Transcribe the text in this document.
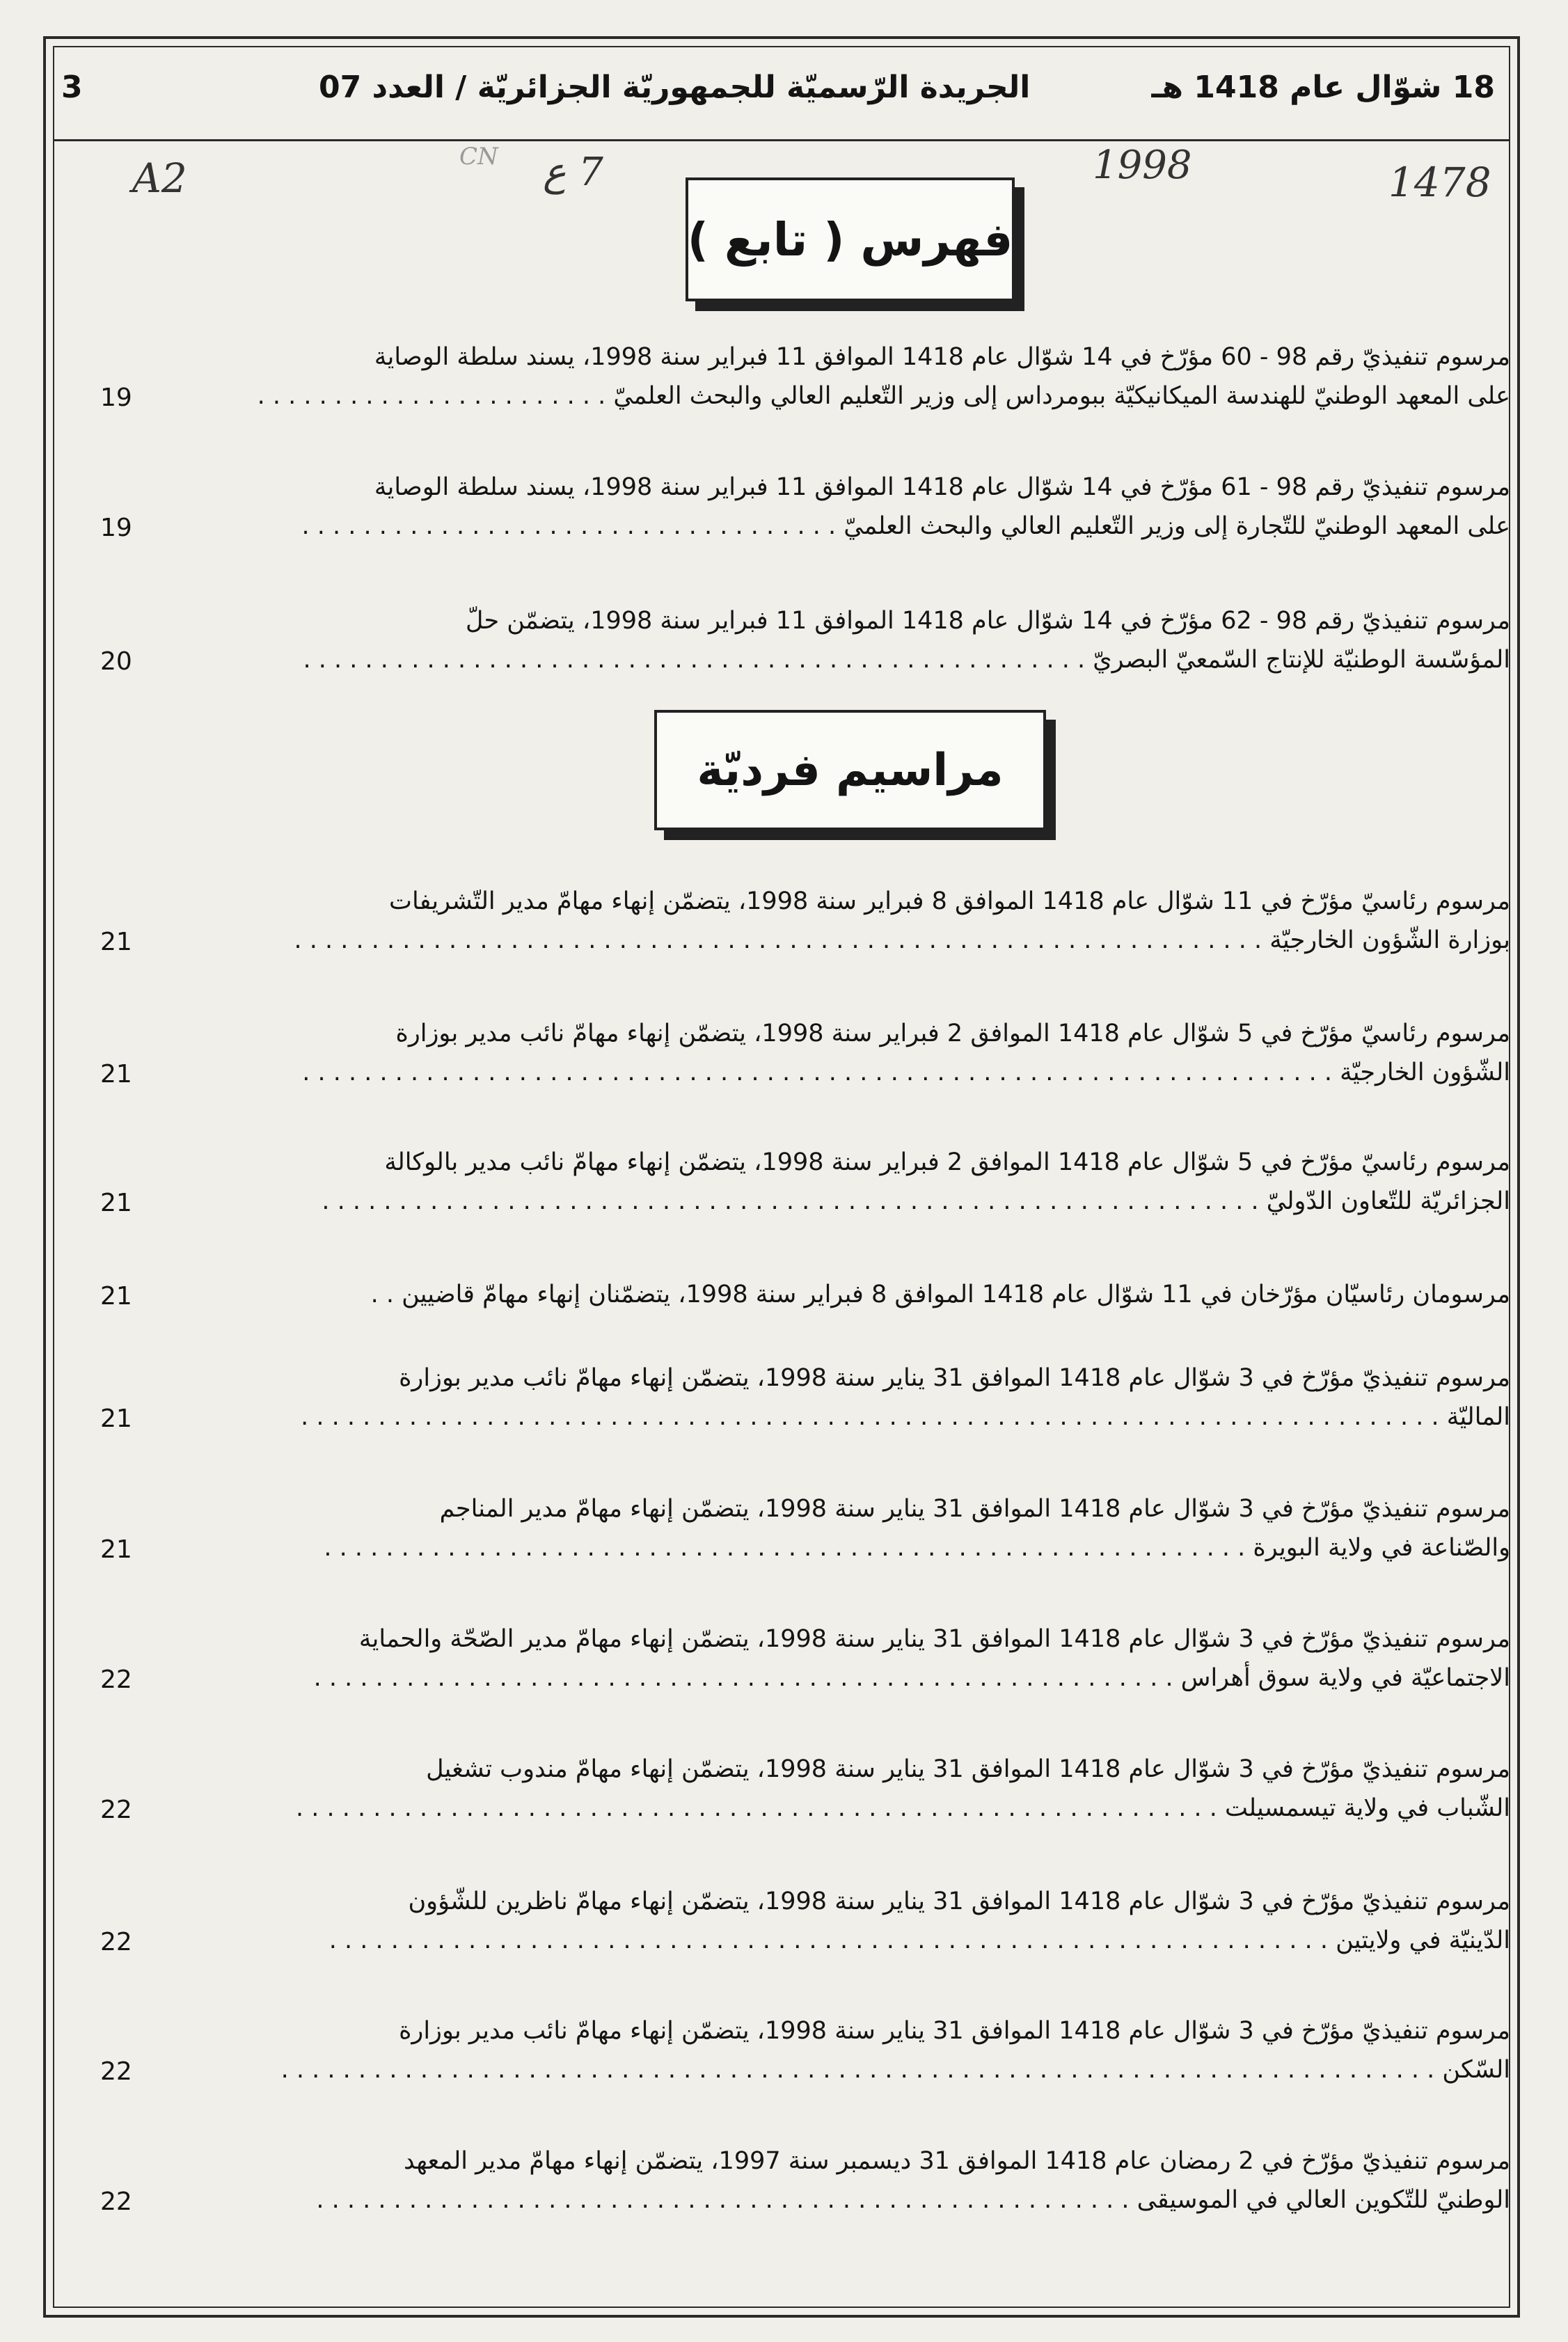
18 شوّال عام 1418 هـ
الجريدة الرّسميّة للجمهوريّة الجزائريّة / العدد 07
3
A2	CN 7 ع	1998	1478
فهرس ( تابع )
مرسوم تنفيذيّ رقم 98 - 60 مؤرّخ في 14 شوّال عام 1418 الموافق 11 فبراير سنة 1998، يسند سلطة الوصاية
على المعهد الوطنيّ للهندسة الميكانيكيّة ببومرداس إلى وزير التّعليم العالي والبحث العلميّ . . . . . . . . . . . . . . . . . . . . . . .
19
مرسوم تنفيذيّ رقم 98 - 61 مؤرّخ في 14 شوّال عام 1418 الموافق 11 فبراير سنة 1998، يسند سلطة الوصاية
على المعهد الوطنيّ للتّجارة إلى وزير التّعليم العالي والبحث العلميّ . . . . . . . . . . . . . . . . . . . . . . . . . . . . . . . . . . .
19
مرسوم تنفيذيّ رقم 98 - 62 مؤرّخ في 14 شوّال عام 1418 الموافق 11 فبراير سنة 1998، يتضمّن حلّ
المؤسّسة الوطنيّة للإنتاج السّمعيّ البصريّ . . . . . . . . . . . . . . . . . . . . . . . . . . . . . . . . . . . . . . . . . . . . . . . . . . .
20
مراسيم فرديّة
مرسوم رئاسيّ مؤرّخ في 11 شوّال عام 1418 الموافق 8 فبراير سنة 1998، يتضمّن إنهاء مهامّ مدير التّشريفات
بوزارة الشّؤون الخارجيّة . . . . . . . . . . . . . . . . . . . . . . . . . . . . . . . . . . . . . . . . . . . . . . . . . . . . . . . . . . . . . . .
21
مرسوم رئاسيّ مؤرّخ في 5 شوّال عام 1418 الموافق 2 فبراير سنة 1998، يتضمّن إنهاء مهامّ نائب مدير بوزارة
الشّؤون الخارجيّة . . . . . . . . . . . . . . . . . . . . . . . . . . . . . . . . . . . . . . . . . . . . . . . . . . . . . . . . . . . . . . . . . . .
21
مرسوم رئاسيّ مؤرّخ في 5 شوّال عام 1418 الموافق 2 فبراير سنة 1998، يتضمّن إنهاء مهامّ نائب مدير بالوكالة
الجزائريّة للتّعاون الدّوليّ . . . . . . . . . . . . . . . . . . . . . . . . . . . . . . . . . . . . . . . . . . . . . . . . . . . . . . . . . . . . .
21
مرسومان رئاسيّان مؤرّخان في 11 شوّال عام 1418 الموافق 8 فبراير سنة 1998، يتضمّنان إنهاء مهامّ قاضيين . .
21
مرسوم تنفيذيّ مؤرّخ في 3 شوّال عام 1418 الموافق 31 يناير سنة 1998، يتضمّن إنهاء مهامّ نائب مدير بوزارة
الماليّة . . . . . . . . . . . . . . . . . . . . . . . . . . . . . . . . . . . . . . . . . . . . . . . . . . . . . . . . . . . . . . . . . . . . . . . . . .
21
مرسوم تنفيذيّ مؤرّخ في 3 شوّال عام 1418 الموافق 31 يناير سنة 1998، يتضمّن إنهاء مهامّ مدير المناجم
والصّناعة في ولاية البويرة . . . . . . . . . . . . . . . . . . . . . . . . . . . . . . . . . . . . . . . . . . . . . . . . . . . . . . . . . . . .
21
مرسوم تنفيذيّ مؤرّخ في 3 شوّال عام 1418 الموافق 31 يناير سنة 1998، يتضمّن إنهاء مهامّ مدير الصّحّة والحماية
الاجتماعيّة في ولاية سوق أهراس . . . . . . . . . . . . . . . . . . . . . . . . . . . . . . . . . . . . . . . . . . . . . . . . . . . . . . . .
22
مرسوم تنفيذيّ مؤرّخ في 3 شوّال عام 1418 الموافق 31 يناير سنة 1998، يتضمّن إنهاء مهامّ مندوب تشغيل
الشّباب في ولاية تيسمسيلت . . . . . . . . . . . . . . . . . . . . . . . . . . . . . . . . . . . . . . . . . . . . . . . . . . . . . . . . . . . .
22
مرسوم تنفيذيّ مؤرّخ في 3 شوّال عام 1418 الموافق 31 يناير سنة 1998، يتضمّن إنهاء مهامّ ناظرين للشّؤون
الدّينيّة في ولايتين . . . . . . . . . . . . . . . . . . . . . . . . . . . . . . . . . . . . . . . . . . . . . . . . . . . . . . . . . . . . . . . . .
22
مرسوم تنفيذيّ مؤرّخ في 3 شوّال عام 1418 الموافق 31 يناير سنة 1998، يتضمّن إنهاء مهامّ نائب مدير بوزارة
السّكن . . . . . . . . . . . . . . . . . . . . . . . . . . . . . . . . . . . . . . . . . . . . . . . . . . . . . . . . . . . . . . . . . . . . . . . . . . .
22
مرسوم تنفيذيّ مؤرّخ في 2 رمضان عام 1418 الموافق 31 ديسمبر سنة 1997، يتضمّن إنهاء مهامّ مدير المعهد
الوطنيّ للتّكوين العالي في الموسيقى . . . . . . . . . . . . . . . . . . . . . . . . . . . . . . . . . . . . . . . . . . . . . . . . . . . . .
22
